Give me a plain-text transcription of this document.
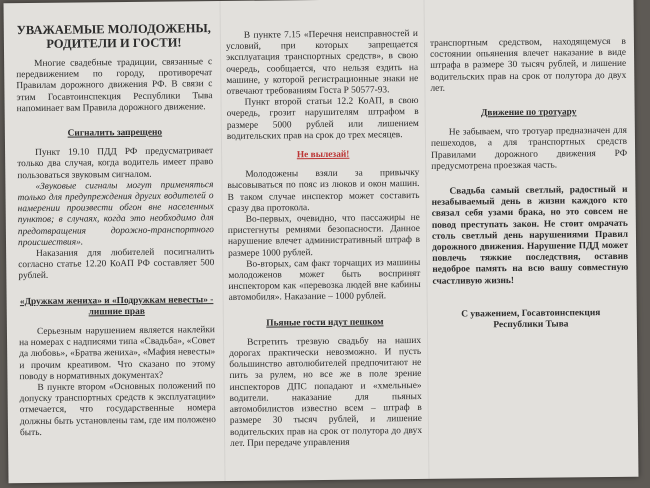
УВАЖАЕМЫЕ МОЛОДОЖЕНЫ, РОДИТЕЛИ И ГОСТИ!

Многие свадебные традиции, связанные с передвижением по городу, противоречат Правилам дорожного движения РФ. В связи с этим Госавтоинспекция Республики Тыва напоминает вам Правила дорожного движение.

Сигналить запрещено

Пункт 19.10 ПДД РФ предусматривает только два случая, когда водитель имеет право пользоваться звуковым сигналом.

«Звуковые сигналы могут применяться только для предупреждения других водителей о намерении произвести обгон вне населенных пунктов; в случаях, когда это необходимо для предотвращения дорожно-транспортного происшествия».

Наказания для любителей посигналить согласно статье 12.20 КоАП РФ составляет 500 рублей.

«Дружкам женихa» и «Подружкам невесты» - лишние прав

Серьезным нарушением является наклейки на номерах с надписями типа «Свадьба», «Совет да любовь», «Братва жениха», «Мафия невесты» и прочим креативом. Что сказано по этому поводу в нормативных документах?

В пункте втором «Основных положений по допуску транспортных средств к эксплуатации» отмечается, что государственные номера должны быть установлены там, где им положено быть.

В пункте 7.15 «Перечня неисправностей и условий, при которых запрещается эксплуатация транспортных средств», в свою очередь, сообщается, что нельзя ездить на машине, у которой регистрационные знаки не отвечают требованиям Госта Р 50577-93.

Пункт второй статьи 12.2 КоАП, в свою очередь, грозит нарушителям штрафом в размере 5000 рублей или лишением водительских прав на срок до трех месяцев.

Не вылезай!

Молодожены взяли за привычку высовываться по пояс из люков и окон машин. В таком случае инспектор может составить сразу два протокола.

Во-первых, очевидно, что пассажиры не пристегнуты ремнями безопасности. Данное нарушение влечет административный штраф в размере 1000 рублей.

Во-вторых, сам факт торчащих из машины молодоженов может быть воспринят инспектором как «перевозка людей вне кабины автомобиля». Наказание – 1000 рублей.

Пьяные гости идут пешком

Встретить трезвую свадьбу на наших дорогах практически невозможно. И пусть большинство автолюбителей предпочитают не пить за рулем, но все же в поле зрение инспекторов ДПС попадают и «хмельные» водители. наказание для пьяных автомобилистов известно всем – штраф в размере 30 тысяч рублей, и лишение водительских прав на срок от полутора до двух лет. При передаче управления

транспортным средством, находящемуся в состоянии опьянения влечет наказание в виде штрафа в размере 30 тысяч рублей, и лишение водительских прав на срок от полутора до двух лет.

Движение по тротуару

Не забываем, что тротуар предназначен для пешеходов, а для транспортных средств Правилами дорожного движения РФ предусмотрена проезжая часть.

Свадьба самый светлый, радостный и незабываемый день в жизни каждого кто связал себя узами брака, но это совсем не повод преступать закон. Не стоит омрачать столь светлый день нарушениями Правил дорожного движения. Нарушение ПДД может повлечь тяжкие последствия, оставив недоброе память на всю вашу совместную счастливую жизнь!

С уважением, Госавтоинспекция Республики Тыва
